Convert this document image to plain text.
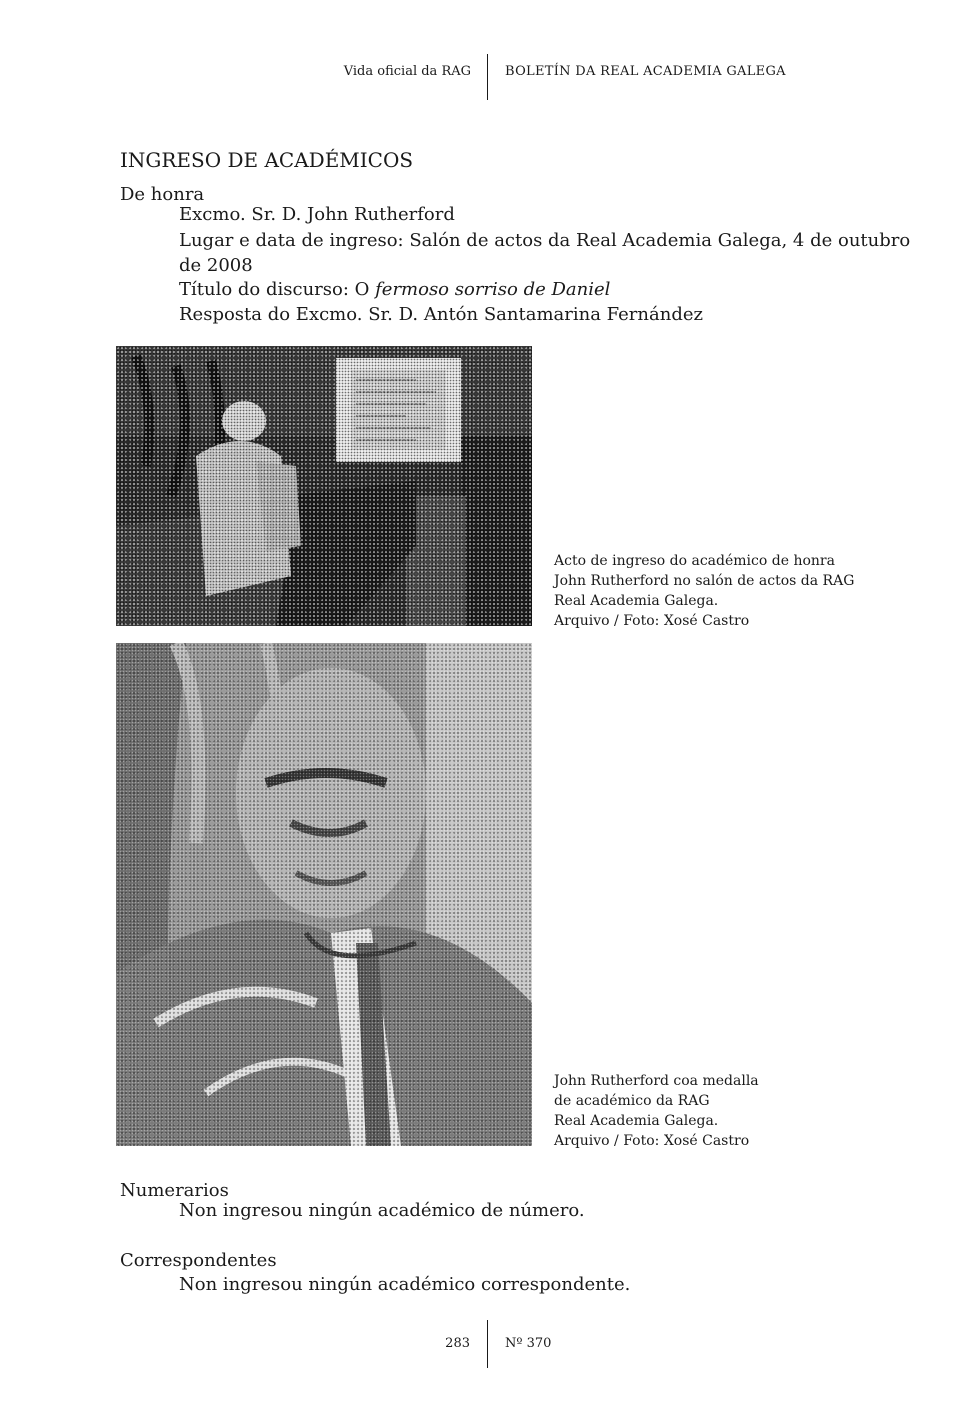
Vida oficial da RAG	BOLETÍN DA REAL ACADEMIA GALEGA
INGRESO DE ACADÉMICOS
De honra
Excmo. Sr. D. John Rutherford
Lugar e data de ingreso: Salón de actos da Real Academia Galega, 4 de outubro
de 2008
Título do discurso: O fermoso sorriso de Daniel
Resposta do Excmo. Sr. D. Antón Santamarina Fernández
Acto de ingreso do académico de honra
John Rutherford no salón de actos da RAG
Real Academia Galega.
Arquivo / Foto: Xosé Castro
John Rutherford coa medalla
de académico da RAG
Real Academia Galega.
Arquivo / Foto: Xosé Castro
Numerarios
Non ingresou ningún académico de número.
Correspondentes
Non ingresou ningún académico correspondente.
283	Nº 370
